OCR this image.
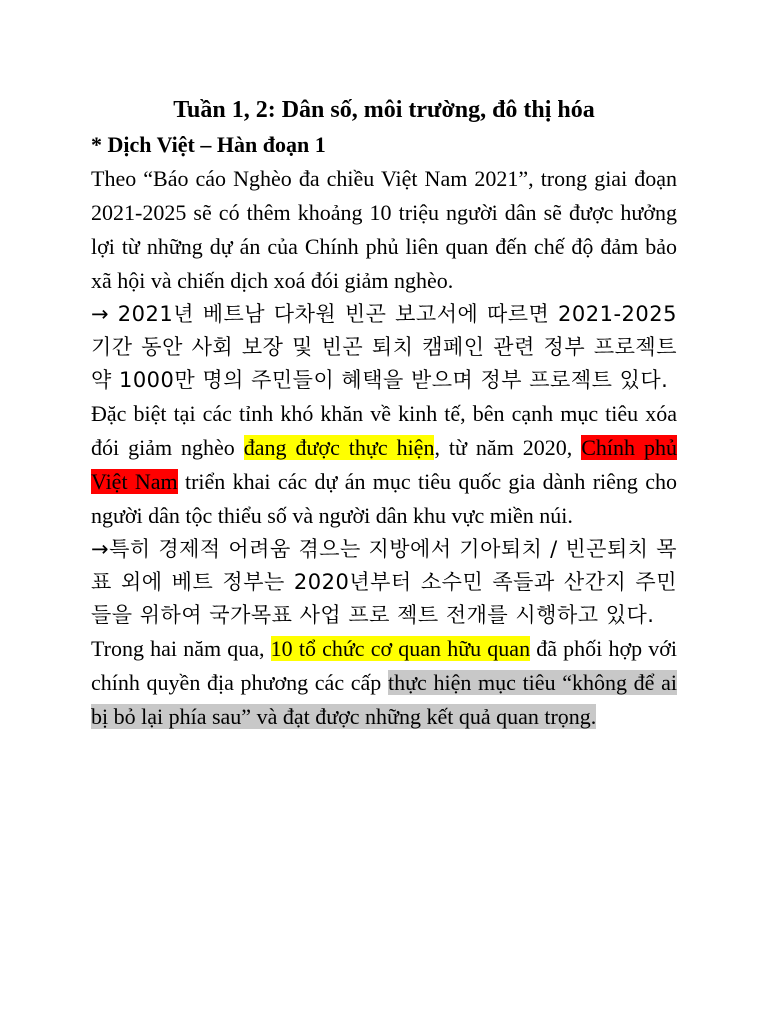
Tuần 1, 2: Dân số, môi trường, đô thị hóa

* Dịch Việt – Hàn đoạn 1

Theo “Báo cáo Nghèo đa chiều Việt Nam 2021”, trong giai đoạn 2021-2025 sẽ có thêm khoảng 10 triệu người dân sẽ được hưởng lợi từ những dự án của Chính phủ liên quan đến chế độ đảm bảo xã hội và chiến dịch xoá đói giảm nghèo.

→ 2021년 베트남 다차원 빈곤 보고서에 따르면 2021-2025 기간 동안 사회 보장 및 빈곤 퇴치 캠페인 관련 정부 프로젝트 약 1000만 명의 주민들이 혜택을 받으며 정부 프로젝트 있다.

Đặc biệt tại các tỉnh khó khăn về kinh tế, bên cạnh mục tiêu xóa đói giảm nghèo đang được thực hiện, từ năm 2020, Chính phủ Việt Nam triển khai các dự án mục tiêu quốc gia dành riêng cho người dân tộc thiểu số và người dân khu vực miền núi.

→특히 경제적 어려움 겪으는 지방에서 기아퇴치 / 빈곤퇴치 목표 외에 베트 정부는 2020년부터 소수민 족들과 산간지 주민들을 위하여 국가목표 사업 프로 젝트 전개를 시행하고 있다.

Trong hai năm qua, 10 tổ chức cơ quan hữu quan đã phối hợp với chính quyền địa phương các cấp thực hiện mục tiêu “không để ai bị bỏ lại phía sau” và đạt được những kết quả quan trọng.
